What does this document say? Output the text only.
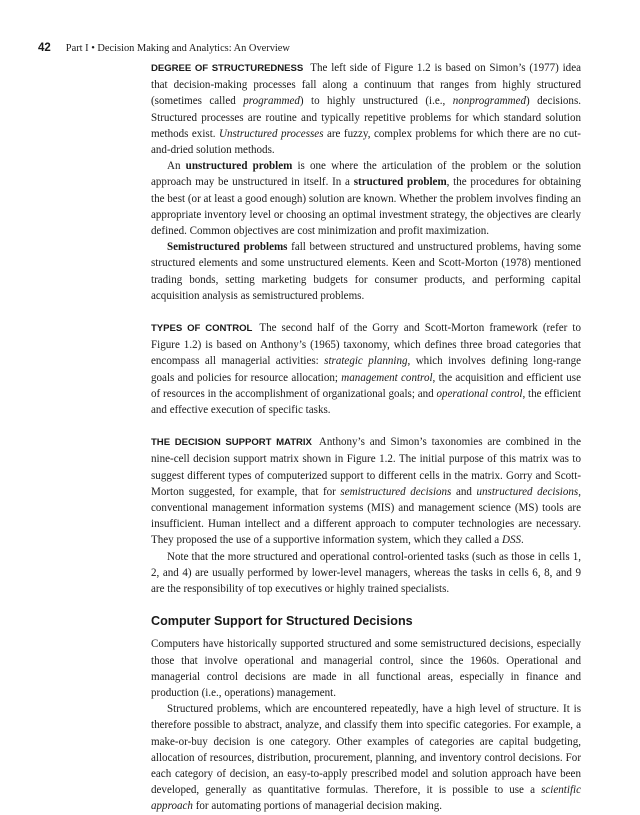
42 Part I • Decision Making and Analytics: An Overview

DEGREE OF STRUCTUREDNESS The left side of Figure 1.2 is based on Simon’s (1977) idea that decision-making processes fall along a continuum that ranges from highly structured (sometimes called programmed) to highly unstructured (i.e., nonprogrammed) decisions. Structured processes are routine and typically repetitive problems for which standard solution methods exist. Unstructured processes are fuzzy, complex problems for which there are no cut-and-dried solution methods.

An unstructured problem is one where the articulation of the problem or the solution approach may be unstructured in itself. In a structured problem, the procedures for obtaining the best (or at least a good enough) solution are known. Whether the problem involves finding an appropriate inventory level or choosing an optimal investment strategy, the objectives are clearly defined. Common objectives are cost minimization and profit maximization.

Semistructured problems fall between structured and unstructured problems, having some structured elements and some unstructured elements. Keen and Scott-Morton (1978) mentioned trading bonds, setting marketing budgets for consumer products, and performing capital acquisition analysis as semistructured problems.

TYPES OF CONTROL The second half of the Gorry and Scott-Morton framework (refer to Figure 1.2) is based on Anthony’s (1965) taxonomy, which defines three broad categories that encompass all managerial activities: strategic planning, which involves defining long-range goals and policies for resource allocation; management control, the acquisition and efficient use of resources in the accomplishment of organizational goals; and operational control, the efficient and effective execution of specific tasks.

THE DECISION SUPPORT MATRIX Anthony’s and Simon’s taxonomies are combined in the nine-cell decision support matrix shown in Figure 1.2. The initial purpose of this matrix was to suggest different types of computerized support to different cells in the matrix. Gorry and Scott-Morton suggested, for example, that for semistructured decisions and unstructured decisions, conventional management information systems (MIS) and management science (MS) tools are insufficient. Human intellect and a different approach to computer technologies are necessary. They proposed the use of a supportive information system, which they called a DSS.

Note that the more structured and operational control-oriented tasks (such as those in cells 1, 2, and 4) are usually performed by lower-level managers, whereas the tasks in cells 6, 8, and 9 are the responsibility of top executives or highly trained specialists.

Computer Support for Structured Decisions

Computers have historically supported structured and some semistructured decisions, especially those that involve operational and managerial control, since the 1960s. Operational and managerial control decisions are made in all functional areas, especially in finance and production (i.e., operations) management.

Structured problems, which are encountered repeatedly, have a high level of structure. It is therefore possible to abstract, analyze, and classify them into specific categories. For example, a make-or-buy decision is one category. Other examples of categories are capital budgeting, allocation of resources, distribution, procurement, planning, and inventory control decisions. For each category of decision, an easy-to-apply prescribed model and solution approach have been developed, generally as quantitative formulas. Therefore, it is possible to use a scientific approach for automating portions of managerial decision making.
